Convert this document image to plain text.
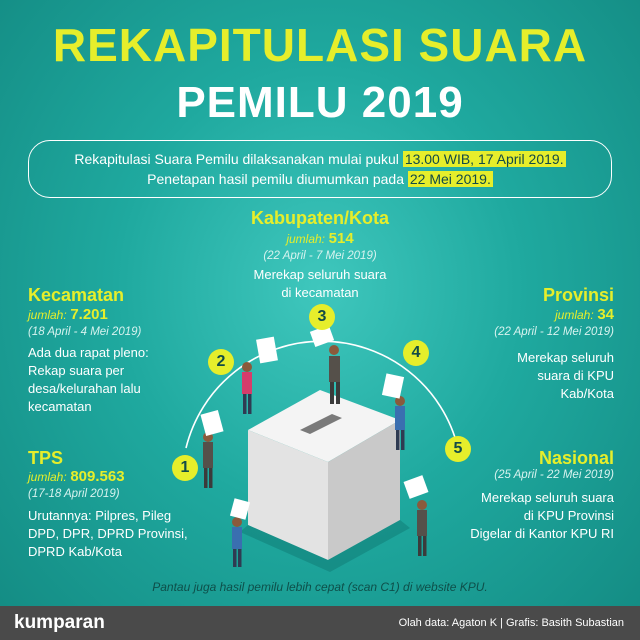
REKAPITULASI SUARA
PEMILU 2019
Rekapitulasi Suara Pemilu dilaksanakan mulai pukul 13.00 WIB, 17 April 2019.
Penetapan hasil pemilu diumumkan pada 22 Mei 2019.
1
2
3
4
5
Kabupaten/Kota
jumlah: 514
(22 April - 7 Mei 2019)
Merekap seluruh suara
di kecamatan
Kecamatan
jumlah: 7.201
(18 April - 4 Mei 2019)
Ada dua rapat pleno:
Rekap suara per
desa/kelurahan lalu
kecamatan
Provinsi
jumlah: 34
(22 April - 12 Mei 2019)
Merekap seluruh
suara di KPU
Kab/Kota
TPS
jumlah: 809.563
(17-18 April 2019)
Urutannya: Pilpres, Pileg
DPD, DPR, DPRD Provinsi,
DPRD Kab/Kota
Nasional
(25 April - 22 Mei 2019)
Merekap seluruh suara
di KPU Provinsi
Digelar di Kantor KPU RI
Pantau juga hasil pemilu lebih cepat (scan C1) di website KPU.
kumparan	Olah data: Agaton K | Grafis: Basith Subastian
